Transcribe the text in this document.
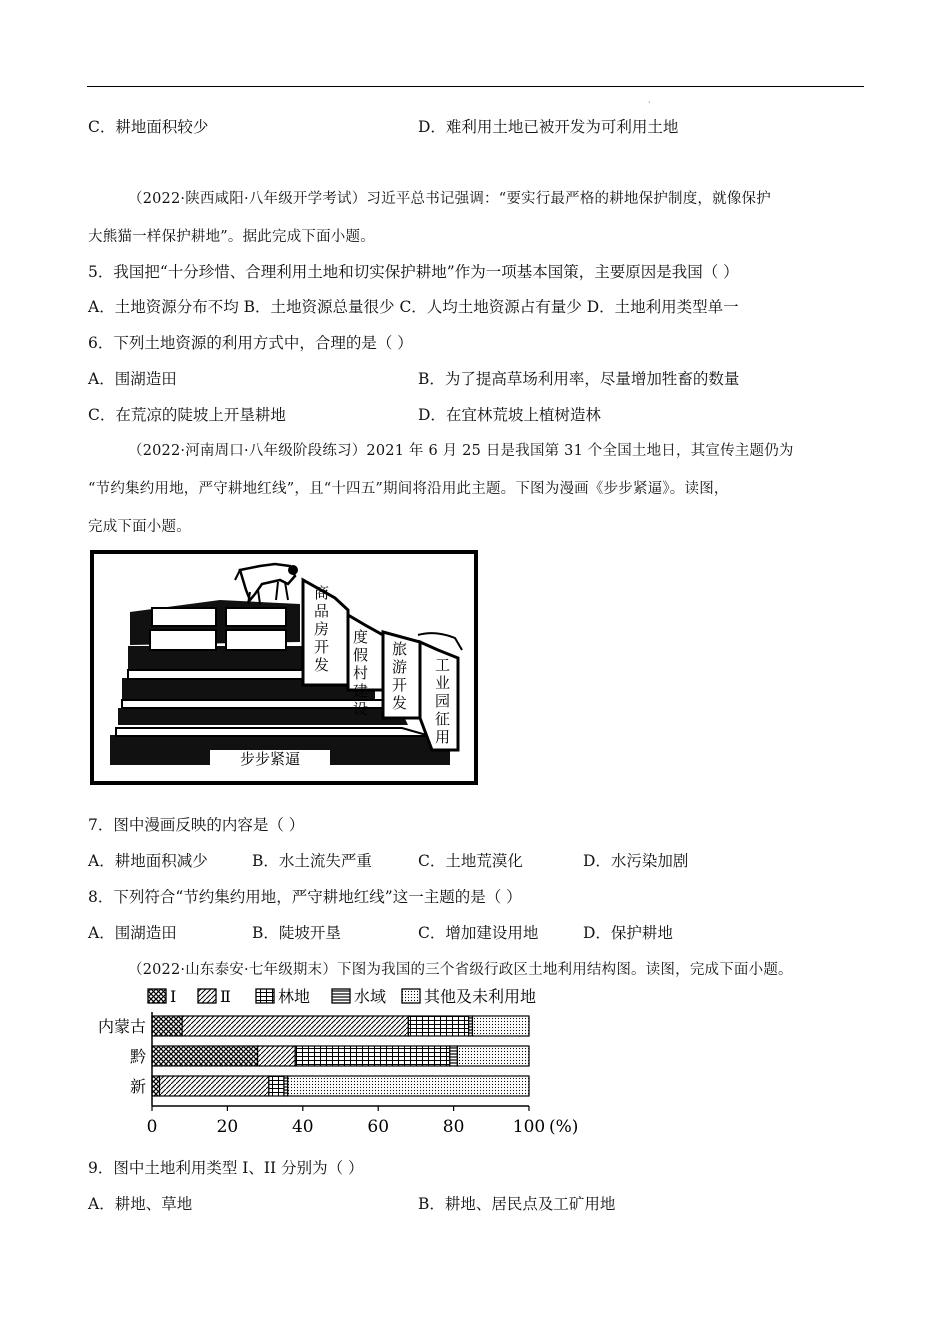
·
C．耕地面积较少	D．难利用土地已被开发为可利用土地
（2022·陕西咸阳·八年级开学考试）习近平总书记强调：“要实行最严格的耕地保护制度，就像保护
大熊猫一样保护耕地”。据此完成下面小题。
5．我国把“十分珍惜、合理利用土地和切实保护耕地”作为一项基本国策，主要原因是我国（ ）
A．土地资源分布不均 B．土地资源总量很少 C．人均土地资源占有量少 D．土地利用类型单一
6．下列土地资源的利用方式中，合理的是（ ）
A．围湖造田	B．为了提高草场利用率，尽量增加牲畜的数量
C．在荒凉的陡坡上开垦耕地	D．在宜林荒坡上植树造林
（2022·河南周口·八年级阶段练习）2021 年 6 月 25 日是我国第 31 个全国土地日，其宣传主题仍为
“节约集约用地，严守耕地红线”，且“十四五”期间将沿用此主题。下图为漫画《步步紧逼》。读图，
完成下面小题。
商
品
房
开
发
度
假
村
建
设
旅
游
开
发
工
业
园
征
用
步步紧逼
7．图中漫画反映的内容是（ ）
A．耕地面积减少	B．水土流失严重	C．土地荒漠化	D．水污染加剧
8．下列符合“节约集约用地，严守耕地红线”这一主题的是（ ）
A．围湖造田	B．陡坡开垦	C．增加建设用地	D．保护耕地
（2022·山东泰安·七年级期末）下图为我国的三个省级行政区土地利用结构图。读图，完成下面小题。
Ⅰ	Ⅱ	林地	水域 其他及未利用地
内蒙古
黔
新
0	20	40	60	80	100 (%)
9．图中土地利用类型 I、II 分别为（ ）
A．耕地、草地	B．耕地、居民点及工矿用地
